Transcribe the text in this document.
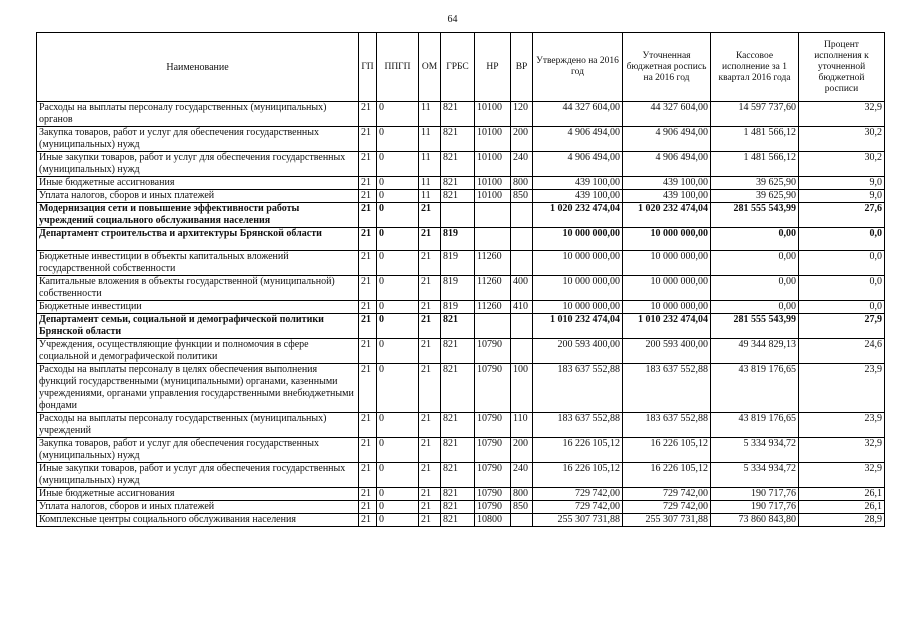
64
Наименование	ГП	ППГП	ОМ	ГРБС	НР	ВР	Утверждено на 2016 год	Уточненная бюджетная роспись на 2016 год	Кассовое исполнение за 1 квартал 2016 года	Процент исполнения к уточненной бюджетной росписи
Расходы на выплаты персоналу государственных (муниципальных) органов	21	0	11	821	10100	120	44 327 604,00	44 327 604,00	14 597 737,60	32,9
Закупка товаров, работ и услуг для обеспечения государственных (муниципальных) нужд	21	0	11	821	10100	200	4 906 494,00	4 906 494,00	1 481 566,12	30,2
Иные закупки товаров, работ и услуг для обеспечения государственных (муниципальных) нужд	21	0	11	821	10100	240	4 906 494,00	4 906 494,00	1 481 566,12	30,2
Иные бюджетные ассигнования	21	0	11	821	10100	800	439 100,00	439 100,00	39 625,90	9,0
Уплата налогов, сборов и иных платежей	21	0	11	821	10100	850	439 100,00	439 100,00	39 625,90	9,0
Модернизация сети и повышение эффективности работы учреждений социального обслуживания населения	21	0	21				1 020 232 474,04	1 020 232 474,04	281 555 543,99	27,6
Департамент строительства и архитектуры Брянской области	21	0	21	819			10 000 000,00	10 000 000,00	0,00	0,0
Бюджетные инвестиции в объекты капитальных вложений государственной собственности	21	0	21	819	11260		10 000 000,00	10 000 000,00	0,00	0,0
Капитальные вложения в объекты государственной (муниципальной) собственности	21	0	21	819	11260	400	10 000 000,00	10 000 000,00	0,00	0,0
Бюджетные инвестиции	21	0	21	819	11260	410	10 000 000,00	10 000 000,00	0,00	0,0
Департамент семьи, социальной и демографической политики Брянской области	21	0	21	821			1 010 232 474,04	1 010 232 474,04	281 555 543,99	27,9
Учреждения, осуществляющие функции и полномочия в сфере социальной и демографической политики	21	0	21	821	10790		200 593 400,00	200 593 400,00	49 344 829,13	24,6
Расходы на выплаты персоналу в целях обеспечения выполнения функций государственными (муниципальными) органами, казенными учреждениями, органами управления государственными внебюджетными фондами	21	0	21	821	10790	100	183 637 552,88	183 637 552,88	43 819 176,65	23,9
Расходы на выплаты персоналу государственных (муниципальных) учреждений	21	0	21	821	10790	110	183 637 552,88	183 637 552,88	43 819 176,65	23,9
Закупка товаров, работ и услуг для обеспечения государственных (муниципальных) нужд	21	0	21	821	10790	200	16 226 105,12	16 226 105,12	5 334 934,72	32,9
Иные закупки товаров, работ и услуг для обеспечения государственных (муниципальных) нужд	21	0	21	821	10790	240	16 226 105,12	16 226 105,12	5 334 934,72	32,9
Иные бюджетные ассигнования	21	0	21	821	10790	800	729 742,00	729 742,00	190 717,76	26,1
Уплата налогов, сборов и иных платежей	21	0	21	821	10790	850	729 742,00	729 742,00	190 717,76	26,1
Комплексные центры социального обслуживания населения	21	0	21	821	10800		255 307 731,88	255 307 731,88	73 860 843,80	28,9
